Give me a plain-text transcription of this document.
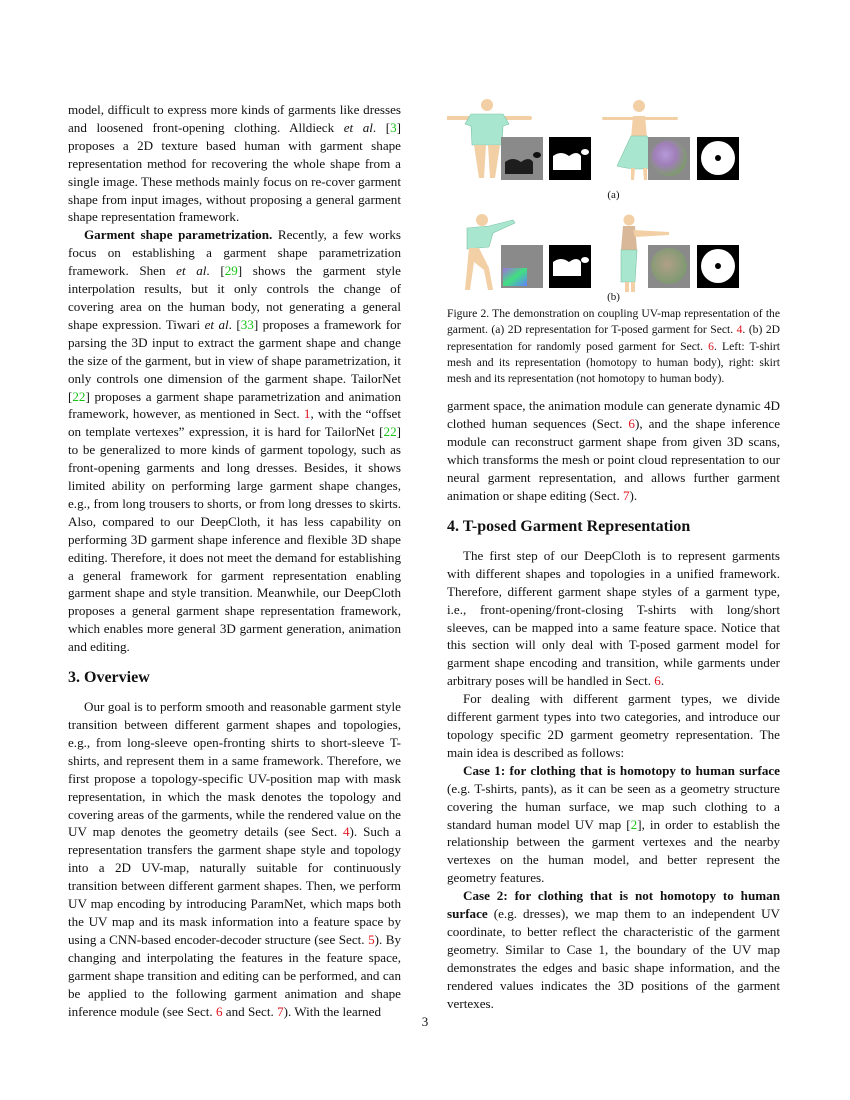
model, difficult to express more kinds of garments like dresses and loosened front-opening clothing. Alldieck et al. [3] proposes a 2D texture based human with garment shape representation method for recovering the whole shape from a single image. These methods mainly focus on re-cover garment shape from input images, without proposing a general garment shape representation framework.

Garment shape parametrization. Recently, a few works focus on establishing a garment shape parametrization framework. Shen et al. [29] shows the garment style interpolation results, but it only controls the change of covering area on the human body, not generating a general shape expression. Tiwari et al. [33] proposes a framework for parsing the 3D input to extract the garment shape and change the size of the garment, but in view of shape parametrization, it only controls one dimension of the garment shape. TailorNet [22] proposes a garment shape parametrization and animation framework, however, as mentioned in Sect. 1, with the “offset on template vertexes” expression, it is hard for TailorNet [22] to be generalized to more kinds of garment topology, such as front-opening garments and long dresses. Besides, it shows limited ability on performing large garment shape changes, e.g., from long trousers to shorts, or from long dresses to skirts. Also, compared to our DeepCloth, it has less capability on performing 3D garment shape inference and flexible 3D shape editing. Therefore, it does not meet the demand for establishing a general framework for garment representation enabling garment shape and style transition. Meanwhile, our DeepCloth proposes a general garment shape representation framework, which enables more general 3D garment generation, animation and editing.

3. Overview

Our goal is to perform smooth and reasonable garment style transition between different garment shapes and topologies, e.g., from long-sleeve open-fronting shirts to short-sleeve T-shirts, and represent them in a same framework. Therefore, we first propose a topology-specific UV-position map with mask representation, in which the mask denotes the topology and covering areas of the garments, while the rendered value on the UV map denotes the geometry details (see Sect. 4). Such a representation transfers the garment shape style and topology into a 2D UV-map, naturally suitable for continuously transition between different garment shapes. Then, we perform UV map encoding by introducing ParamNet, which maps both the UV map and its mask information into a feature space by using a CNN-based encoder-decoder structure (see Sect. 5). By changing and interpolating the features in the feature space, garment shape transition and editing can be performed, and can be applied to the following garment animation and shape inference module (see Sect. 6 and Sect. 7). With the learned

(a)
(b)

Figure 2. The demonstration on coupling UV-map representation of the garment. (a) 2D representation for T-posed garment for Sect. 4. (b) 2D representation for randomly posed garment for Sect. 6. Left: T-shirt mesh and its representation (homotopy to human body), right: skirt mesh and its representation (not homotopy to human body).

garment space, the animation module can generate dynamic 4D clothed human sequences (Sect. 6), and the shape inference module can reconstruct garment shape from given 3D scans, which transforms the mesh or point cloud representation to our neural garment representation, and allows further garment animation or shape editing (Sect. 7).

4. T-posed Garment Representation

The first step of our DeepCloth is to represent garments with different shapes and topologies in a unified framework. Therefore, different garment shape styles of a garment type, i.e., front-opening/front-closing T-shirts with long/short sleeves, can be mapped into a same feature space. Notice that this section will only deal with T-posed garment model for garment shape encoding and transition, while garments under arbitrary poses will be handled in Sect. 6.

For dealing with different garment types, we divide different garment types into two categories, and introduce our topology specific 2D garment geometry representation. The main idea is described as follows:

Case 1: for clothing that is homotopy to human surface (e.g. T-shirts, pants), as it can be seen as a geometry structure covering the human surface, we map such clothing to a standard human model UV map [2], in order to establish the relationship between the garment vertexes and the nearby vertexes on the human model, and better represent the geometry features.

Case 2: for clothing that is not homotopy to human surface (e.g. dresses), we map them to an independent UV coordinate, to better reflect the characteristic of the garment geometry. Similar to Case 1, the boundary of the UV map demonstrates the edges and basic shape information, and the rendered values indicates the 3D positions of the garment vertexes.

3
